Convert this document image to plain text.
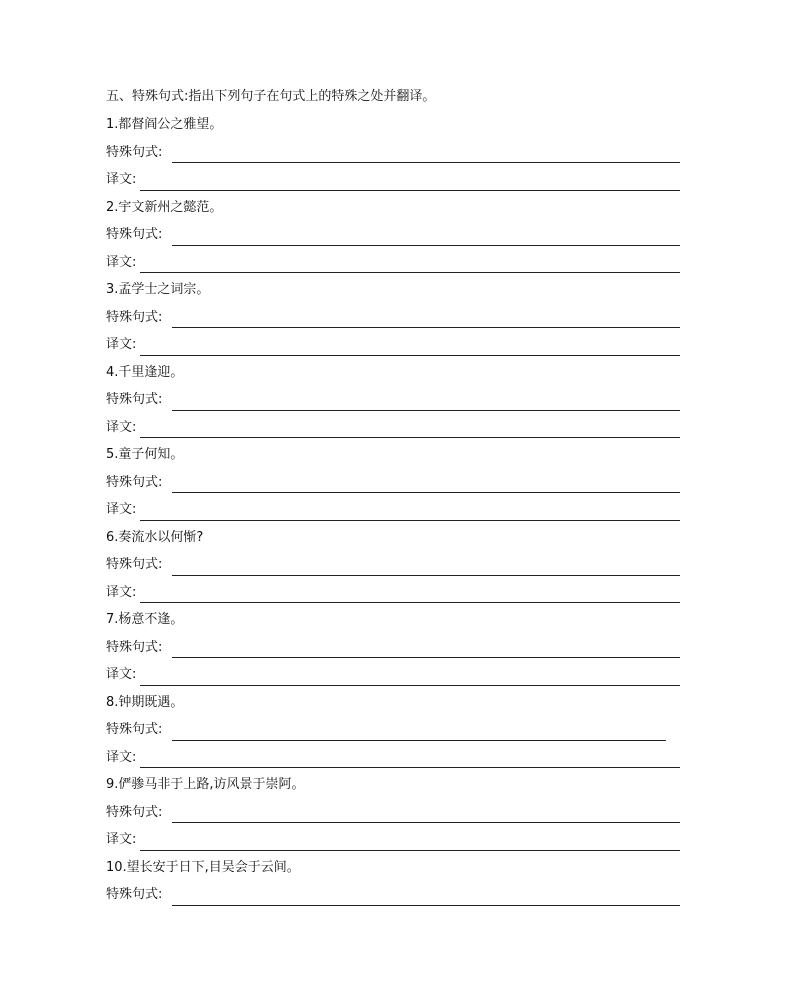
五、特殊句式:指出下列句子在句式上的特殊之处并翻译。
1.都督阎公之雅望。
特殊句式:
译文:
2.宇文新州之懿范。
特殊句式:
译文:
3.孟学士之词宗。
特殊句式:
译文:
4.千里逢迎。
特殊句式:
译文:
5.童子何知。
特殊句式:
译文:
6.奏流水以何惭?
特殊句式:
译文:
7.杨意不逢。
特殊句式:
译文:
8.钟期既遇。
特殊句式:
译文:
9.俨骖马非于上路,访风景于崇阿。
特殊句式:
译文:
10.望长安于日下,目吴会于云间。
特殊句式:
